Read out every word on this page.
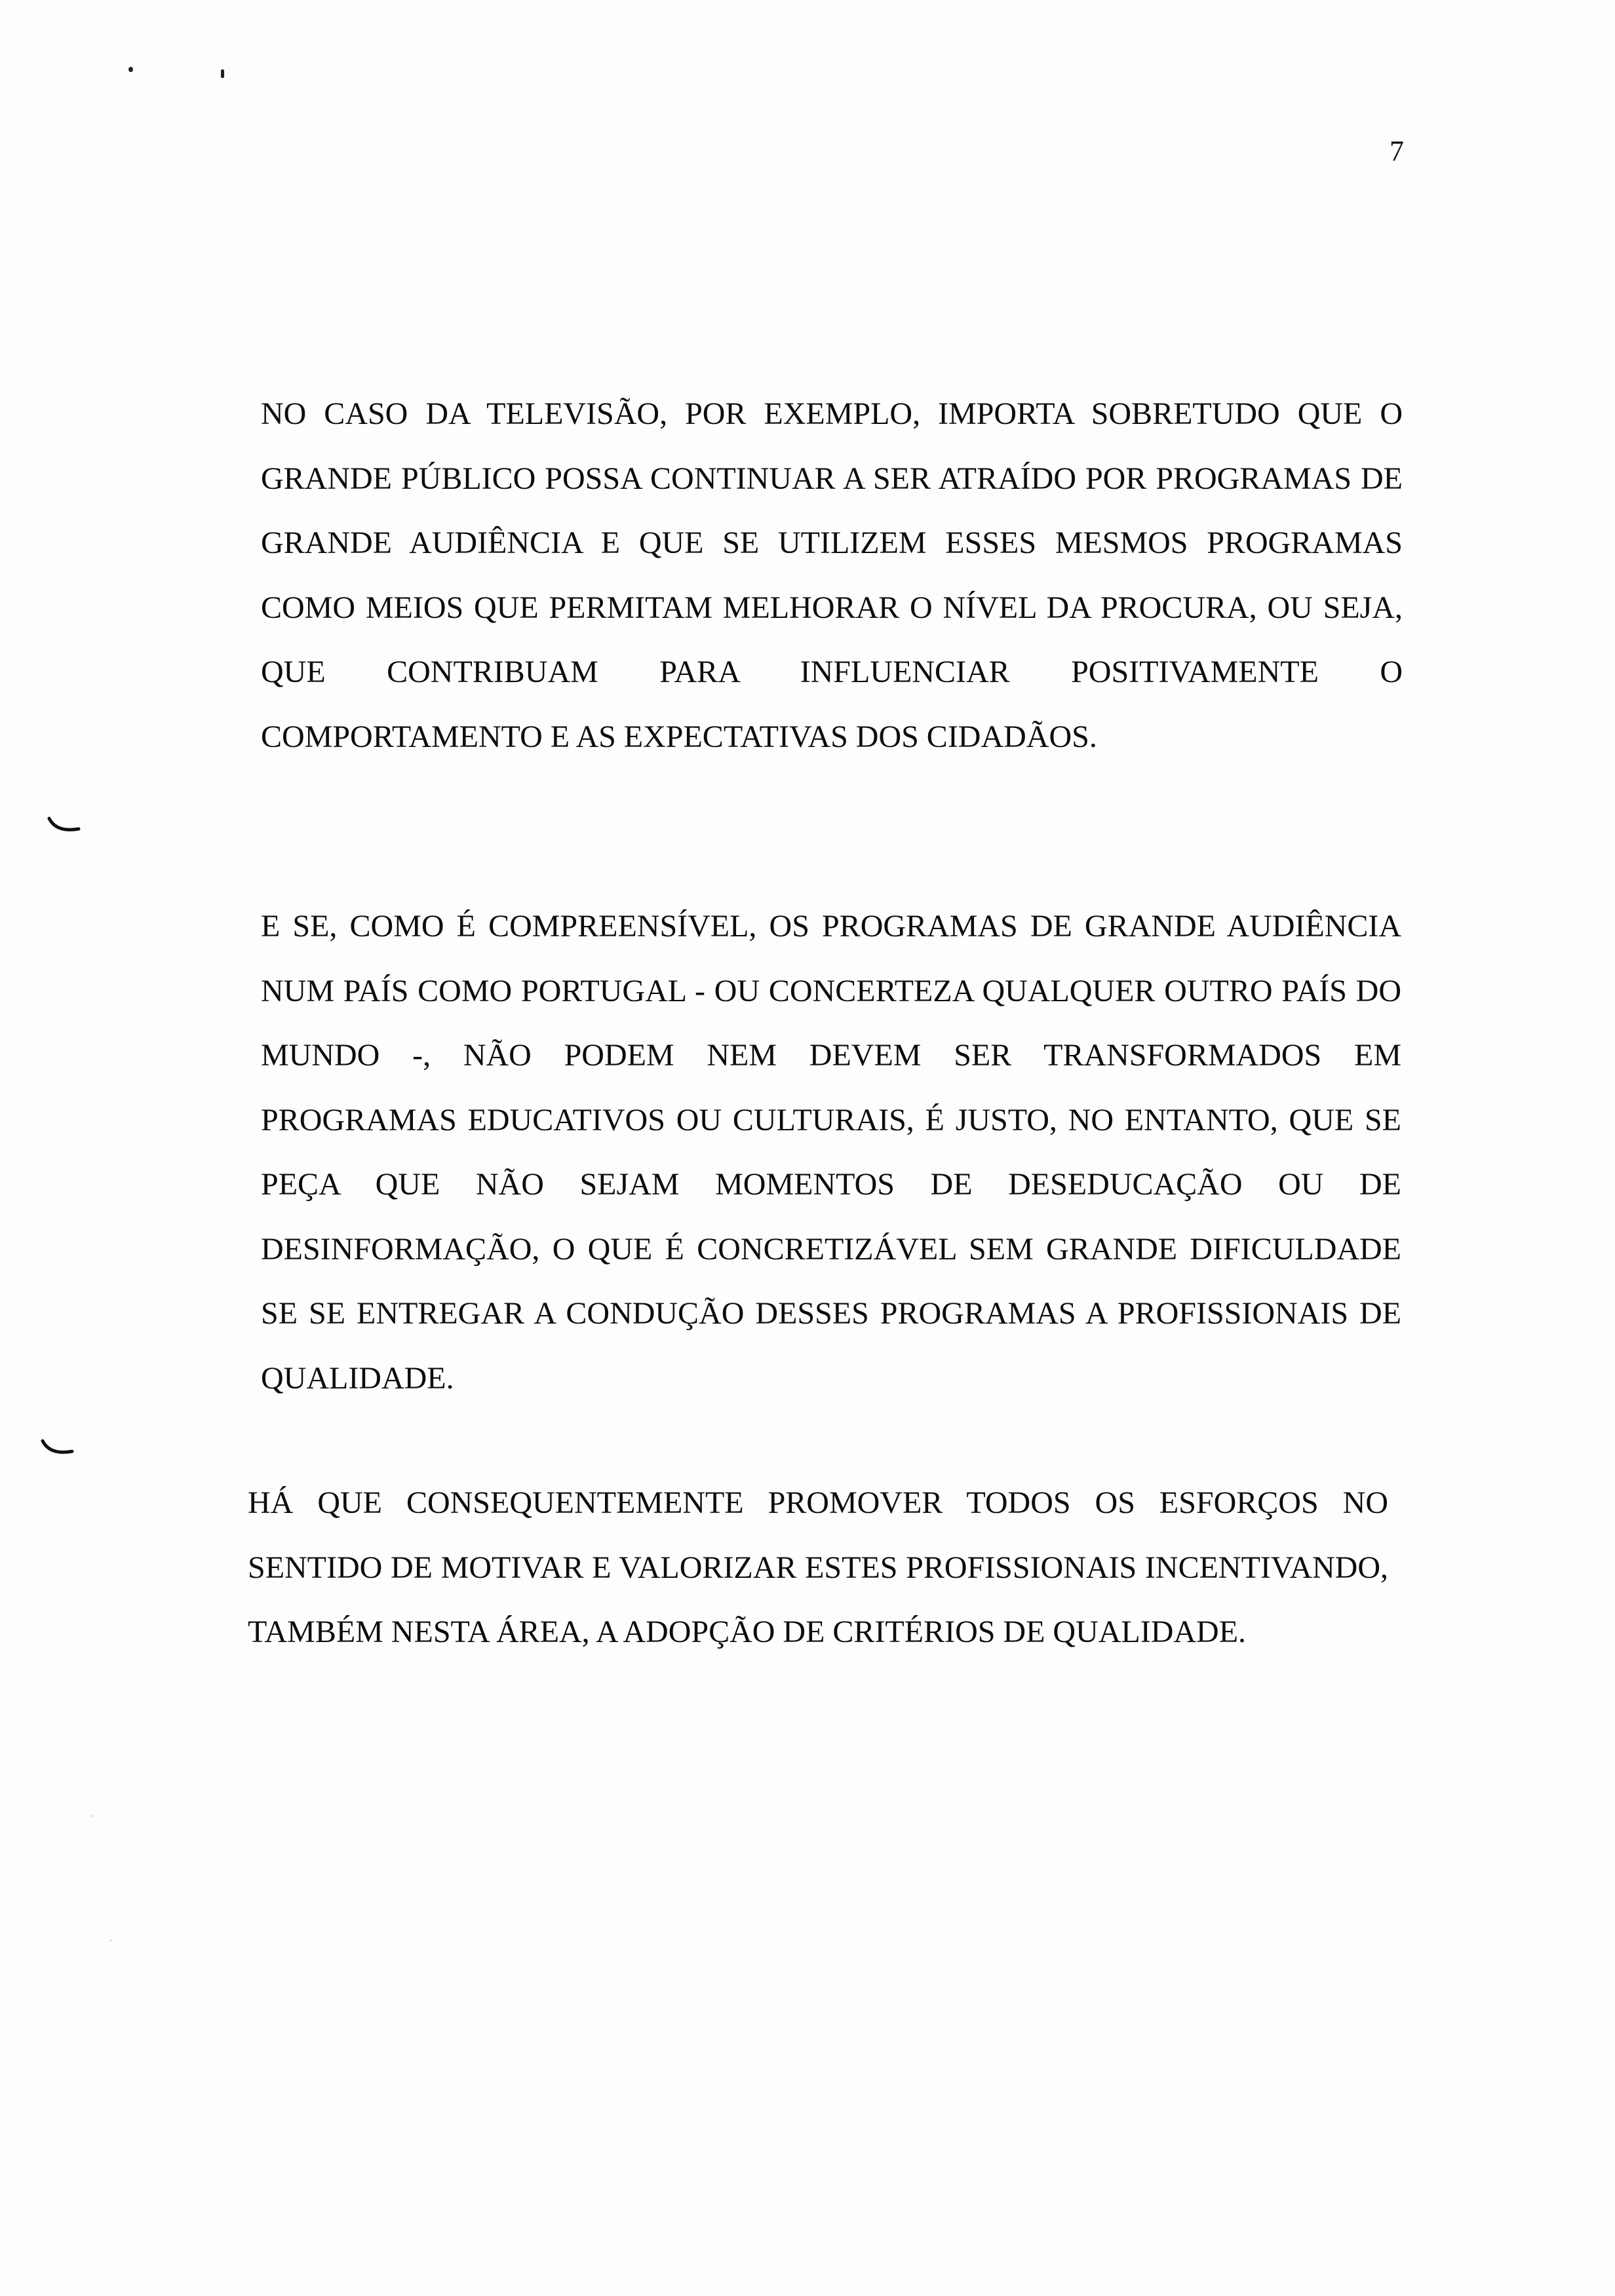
7

NO CASO DA TELEVISÃO, POR EXEMPLO, IMPORTA SOBRETUDO QUE O GRANDE PÚBLICO POSSA CONTINUAR A SER ATRAÍDO POR PROGRAMAS DE GRANDE AUDIÊNCIA E QUE SE UTILIZEM ESSES MESMOS PROGRAMAS COMO MEIOS QUE PERMITAM MELHORAR O NÍVEL DA PROCURA, OU SEJA, QUE CONTRIBUAM PARA INFLUENCIAR POSITIVAMENTE O COMPORTAMENTO E AS EXPECTATIVAS DOS CIDADÃOS.

E SE, COMO É COMPREENSÍVEL, OS PROGRAMAS DE GRANDE AUDIÊNCIA NUM PAÍS COMO PORTUGAL - OU CONCERTEZA QUALQUER OUTRO PAÍS DO MUNDO -, NÃO PODEM NEM DEVEM SER TRANSFORMADOS EM PROGRAMAS EDUCATIVOS OU CULTURAIS, É JUSTO, NO ENTANTO, QUE SE PEÇA QUE NÃO SEJAM MOMENTOS DE DESEDUCAÇÃO OU DE DESINFORMAÇÃO, O QUE É CONCRETIZÁVEL SEM GRANDE DIFICULDADE SE SE ENTREGAR A CONDUÇÃO DESSES PROGRAMAS A PROFISSIONAIS DE QUALIDADE.

HÁ QUE CONSEQUENTEMENTE PROMOVER TODOS OS ESFORÇOS NO SENTIDO DE MOTIVAR E VALORIZAR ESTES PROFISSIONAIS INCENTIVANDO, TAMBÉM NESTA ÁREA, A ADOPÇÃO DE CRITÉRIOS DE QUALIDADE.
